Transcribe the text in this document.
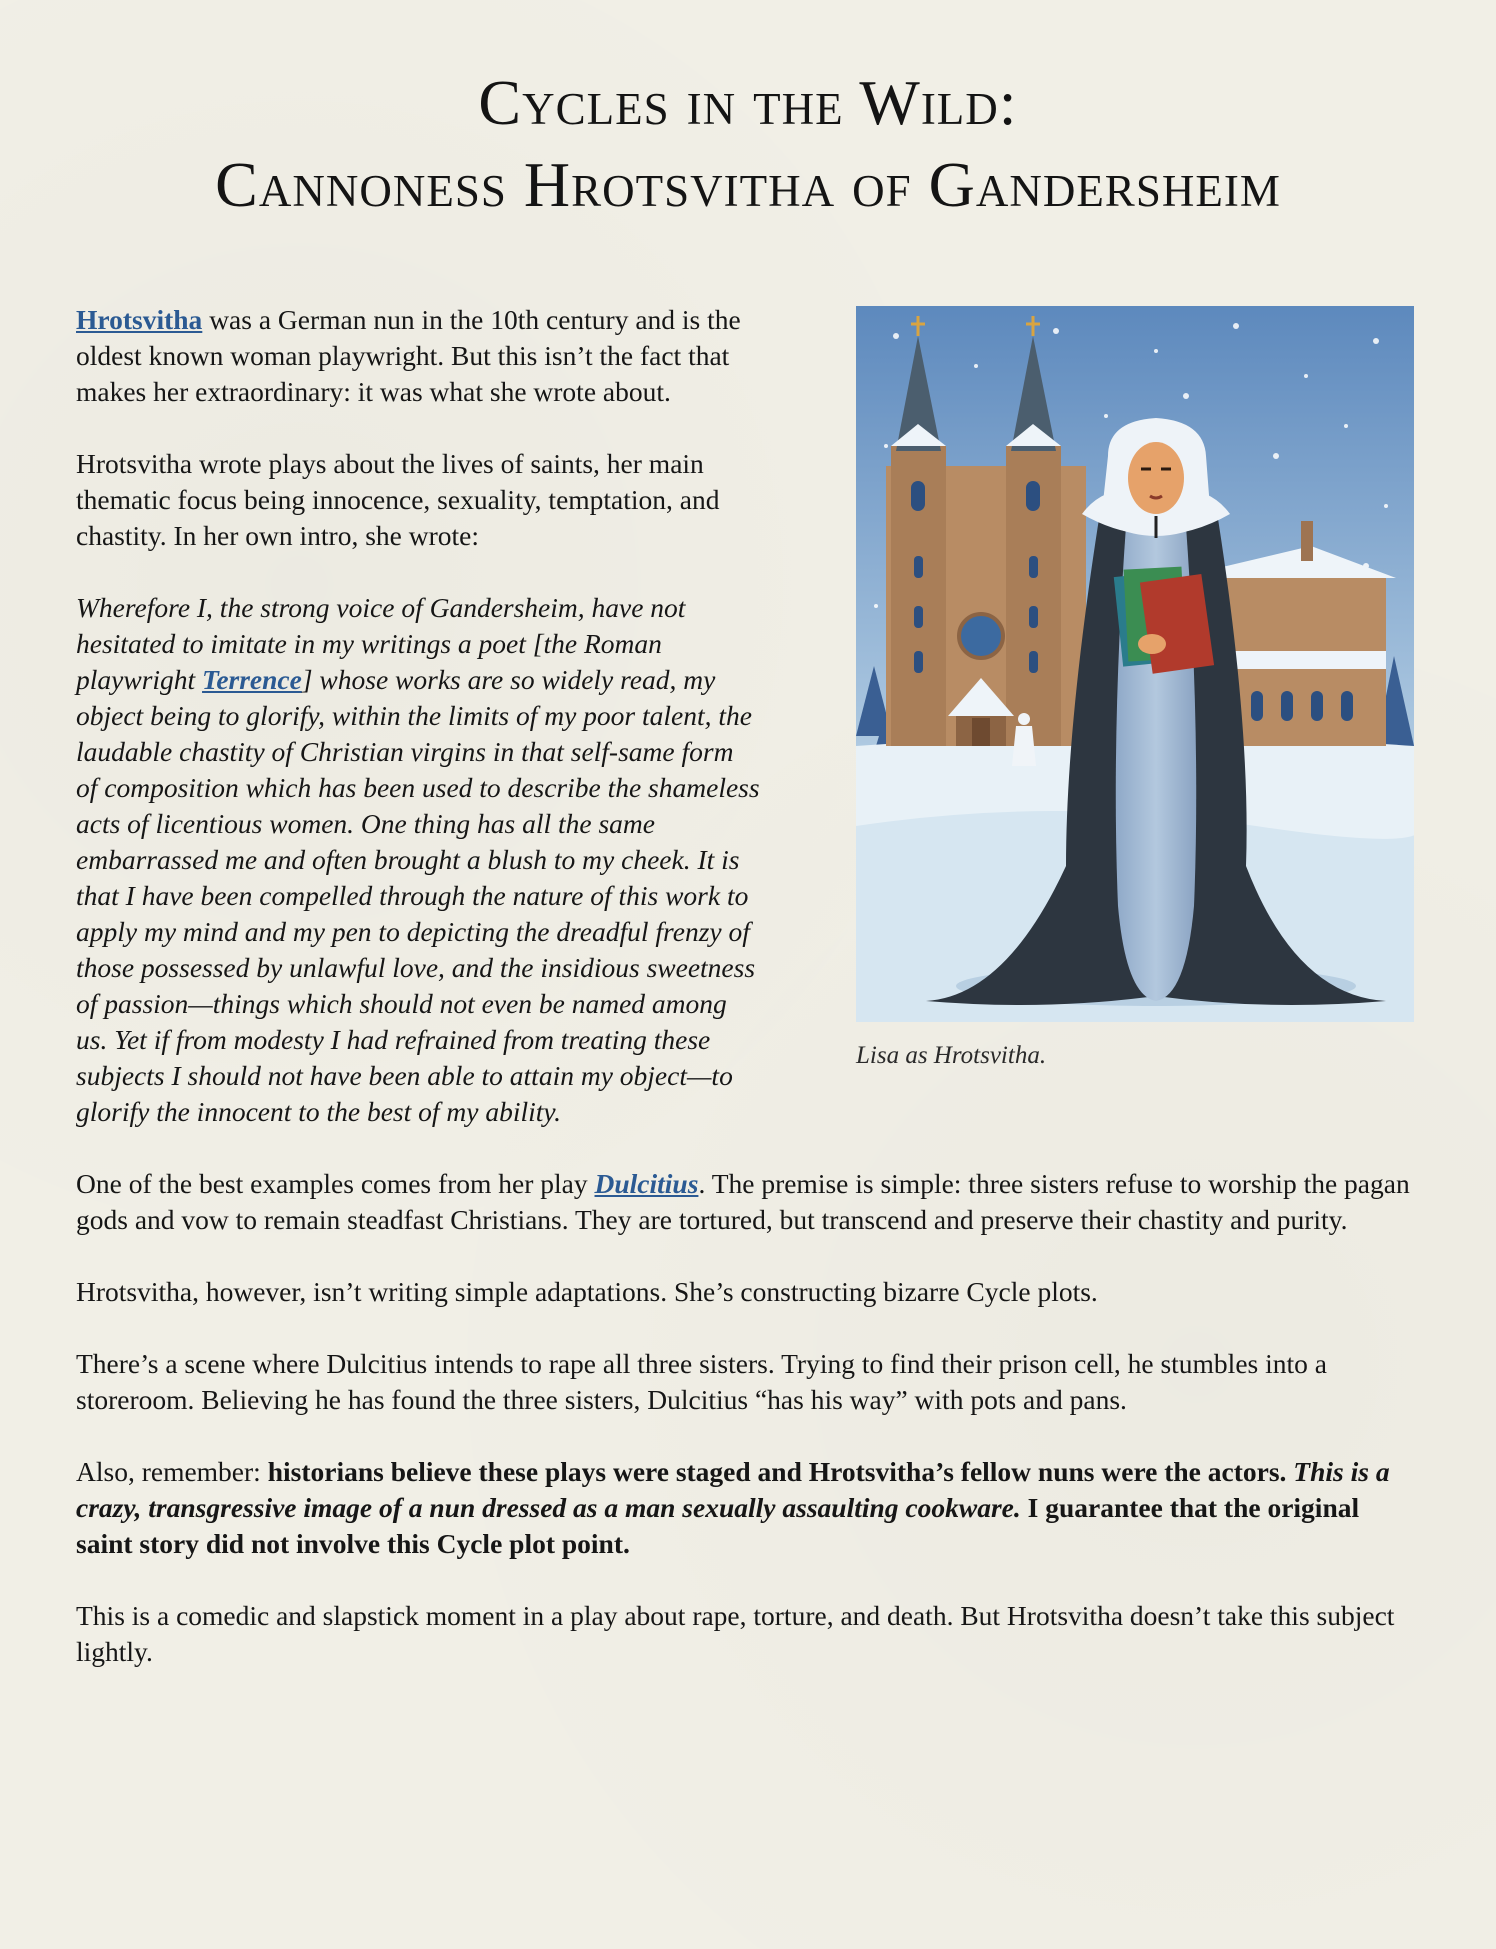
Cycles in the Wild:
Cannoness Hrotsvitha of Gandersheim
Lisa as Hrotsvitha.

Hrotsvitha was a German nun in the 10th century and is the oldest known woman playwright. But this isn’t the fact that makes her extraordinary: it was what she wrote about.

Hrotsvitha wrote plays about the lives of saints, her main thematic focus being innocence, sexuality, temptation, and chastity. In her own intro, she wrote:

Wherefore I, the strong voice of Gandersheim, have not hesitated to imitate in my writings a poet [the Roman playwright Terrence] whose works are so widely read, my object being to glorify, within the limits of my poor talent, the laudable chastity of Christian virgins in that self-same form of composition which has been used to describe the shameless acts of licentious women. One thing has all the same embarrassed me and often brought a blush to my cheek. It is that I have been compelled through the nature of this work to apply my mind and my pen to depicting the dreadful frenzy of those possessed by unlawful love, and the insidious sweetness of passion—things which should not even be named among us. Yet if from modesty I had refrained from treating these subjects I should not have been able to attain my object—to glorify the innocent to the best of my ability.

One of the best examples comes from her play Dulcitius. The premise is simple: three sisters refuse to worship the pagan gods and vow to remain steadfast Christians. They are tortured, but transcend and preserve their chastity and purity.

Hrotsvitha, however, isn’t writing simple adaptations. She’s constructing bizarre Cycle plots.

There’s a scene where Dulcitius intends to rape all three sisters. Trying to find their prison cell, he stumbles into a storeroom. Believing he has found the three sisters, Dulcitius “has his way” with pots and pans.

Also, remember: historians believe these plays were staged and Hrotsvitha’s fellow nuns were the actors. This is a crazy, transgressive image of a nun dressed as a man sexually assaulting cookware. I guarantee that the original saint story did not involve this Cycle plot point.

This is a comedic and slapstick moment in a play about rape, torture, and death. But Hrotsvitha doesn’t take this subject lightly.
